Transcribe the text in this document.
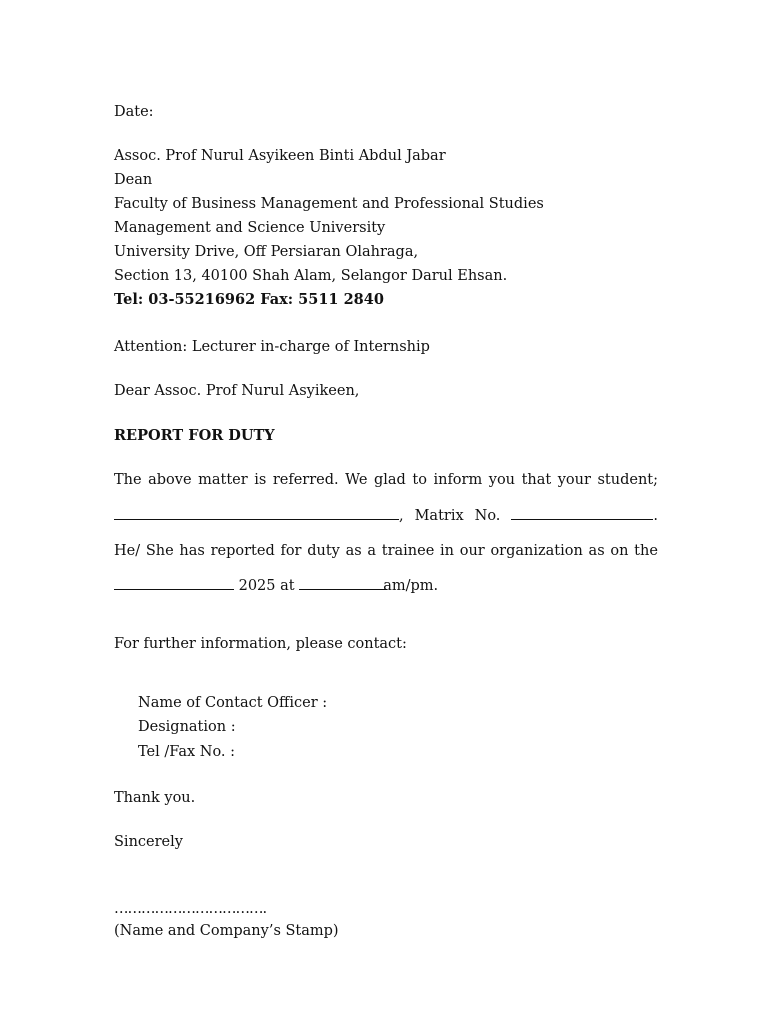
Date:
Assoc. Prof Nurul Asyikeen Binti Abdul Jabar
Dean
Faculty of Business Management and Professional Studies
Management and Science University
University Drive, Off Persiaran Olahraga,
Section 13, 40100 Shah Alam, Selangor Darul Ehsan.
Tel: 03-55216962 Fax: 5511 2840
Attention: Lecturer in-charge of Internship
Dear Assoc. Prof Nurul Asyikeen,
REPORT FOR DUTY
The above matter is referred. We glad to inform you that your student;
, Matrix No.	.
He/ She has reported for duty as a trainee in our organization as on the
2025 at	am/pm.
For further information, please contact:
Name of Contact Officer :
Designation :
Tel /Fax No. :
Thank you.
Sincerely
…………………………….
(Name and Company’s Stamp)
